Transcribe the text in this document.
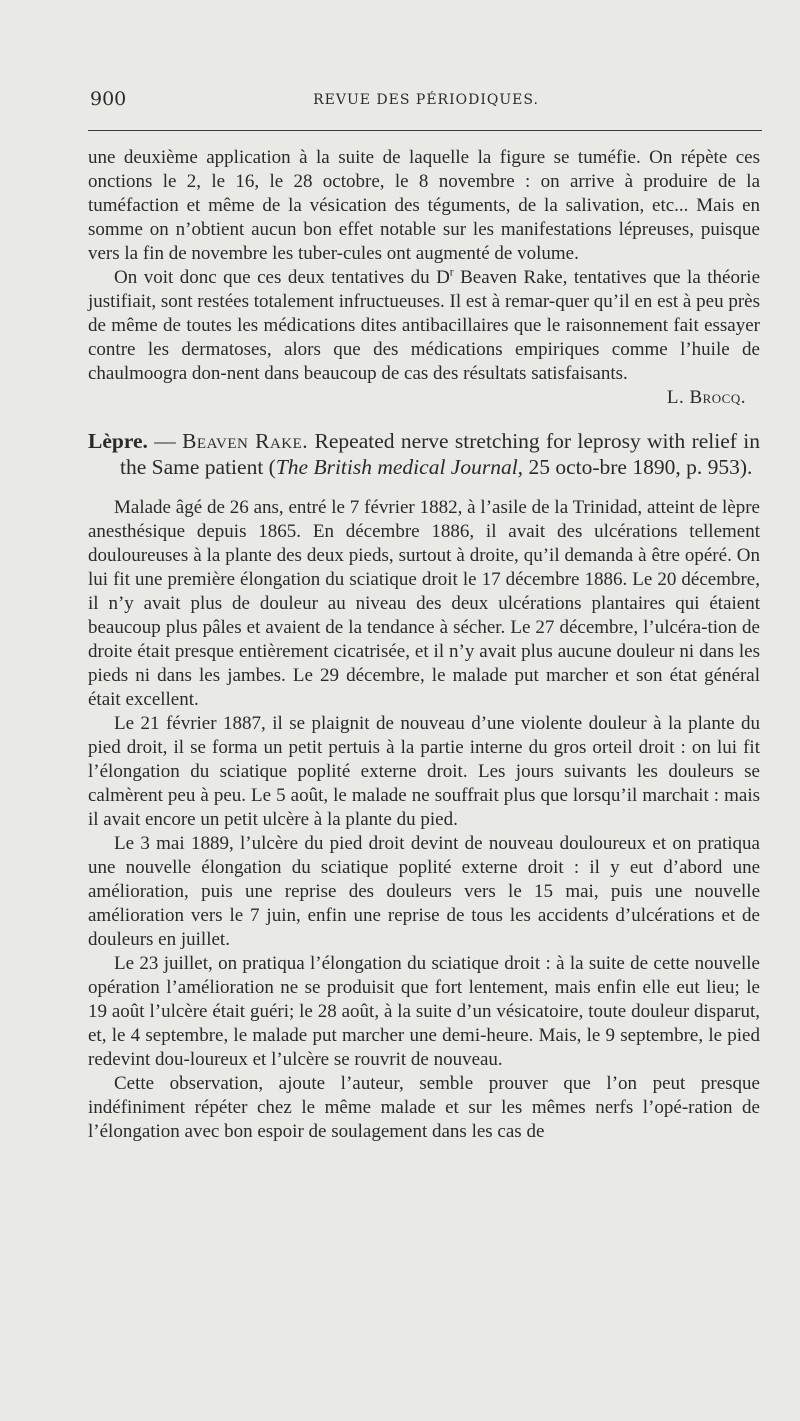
900	REVUE DES PÉRIODIQUES.

une deuxième application à la suite de laquelle la figure se tuméfie. On répète ces onctions le 2, le 16, le 28 octobre, le 8 novembre : on arrive à produire de la tuméfaction et même de la vésication des téguments, de la salivation, etc... Mais en somme on n’obtient aucun bon effet notable sur les manifestations lépreuses, puisque vers la fin de novembre les tuber-cules ont augmenté de volume.

On voit donc que ces deux tentatives du $D^r$ Beaven Rake, tentatives que la théorie justifiait, sont restées totalement infructueuses. Il est à remar-quer qu’il en est à peu près de même de toutes les médications dites antibacillaires que le raisonnement fait essayer contre les dermatoses, alors que des médications empiriques comme l’huile de chaulmoogra don-nent dans beaucoup de cas des résultats satisfaisants.

L. Brocq.

Lèpre. — Beaven Rake. Repeated nerve stretching for leprosy with relief in the Same patient (The British medical Journal, 25 octo-bre 1890, p. 953).

Malade âgé de 26 ans, entré le 7 février 1882, à l’asile de la Trinidad, atteint de lèpre anesthésique depuis 1865. En décembre 1886, il avait des ulcérations tellement douloureuses à la plante des deux pieds, surtout à droite, qu’il demanda à être opéré. On lui fit une première élongation du sciatique droit le 17 décembre 1886. Le 20 décembre, il n’y avait plus de douleur au niveau des deux ulcérations plantaires qui étaient beaucoup plus pâles et avaient de la tendance à sécher. Le 27 décembre, l’ulcéra-tion de droite était presque entièrement cicatrisée, et il n’y avait plus aucune douleur ni dans les pieds ni dans les jambes. Le 29 décembre, le malade put marcher et son état général était excellent.

Le 21 février 1887, il se plaignit de nouveau d’une violente douleur à la plante du pied droit, il se forma un petit pertuis à la partie interne du gros orteil droit : on lui fit l’élongation du sciatique poplité externe droit. Les jours suivants les douleurs se calmèrent peu à peu. Le 5 août, le malade ne souffrait plus que lorsqu’il marchait : mais il avait encore un petit ulcère à la plante du pied.

Le 3 mai 1889, l’ulcère du pied droit devint de nouveau douloureux et on pratiqua une nouvelle élongation du sciatique poplité externe droit : il y eut d’abord une amélioration, puis une reprise des douleurs vers le 15 mai, puis une nouvelle amélioration vers le 7 juin, enfin une reprise de tous les accidents d’ulcérations et de douleurs en juillet.

Le 23 juillet, on pratiqua l’élongation du sciatique droit : à la suite de cette nouvelle opération l’amélioration ne se produisit que fort lentement, mais enfin elle eut lieu; le 19 août l’ulcère était guéri; le 28 août, à la suite d’un vésicatoire, toute douleur disparut, et, le 4 septembre, le malade put marcher une demi-heure. Mais, le 9 septembre, le pied redevint dou-loureux et l’ulcère se rouvrit de nouveau.

Cette observation, ajoute l’auteur, semble prouver que l’on peut presque indéfiniment répéter chez le même malade et sur les mêmes nerfs l’opé-ration de l’élongation avec bon espoir de soulagement dans les cas de
